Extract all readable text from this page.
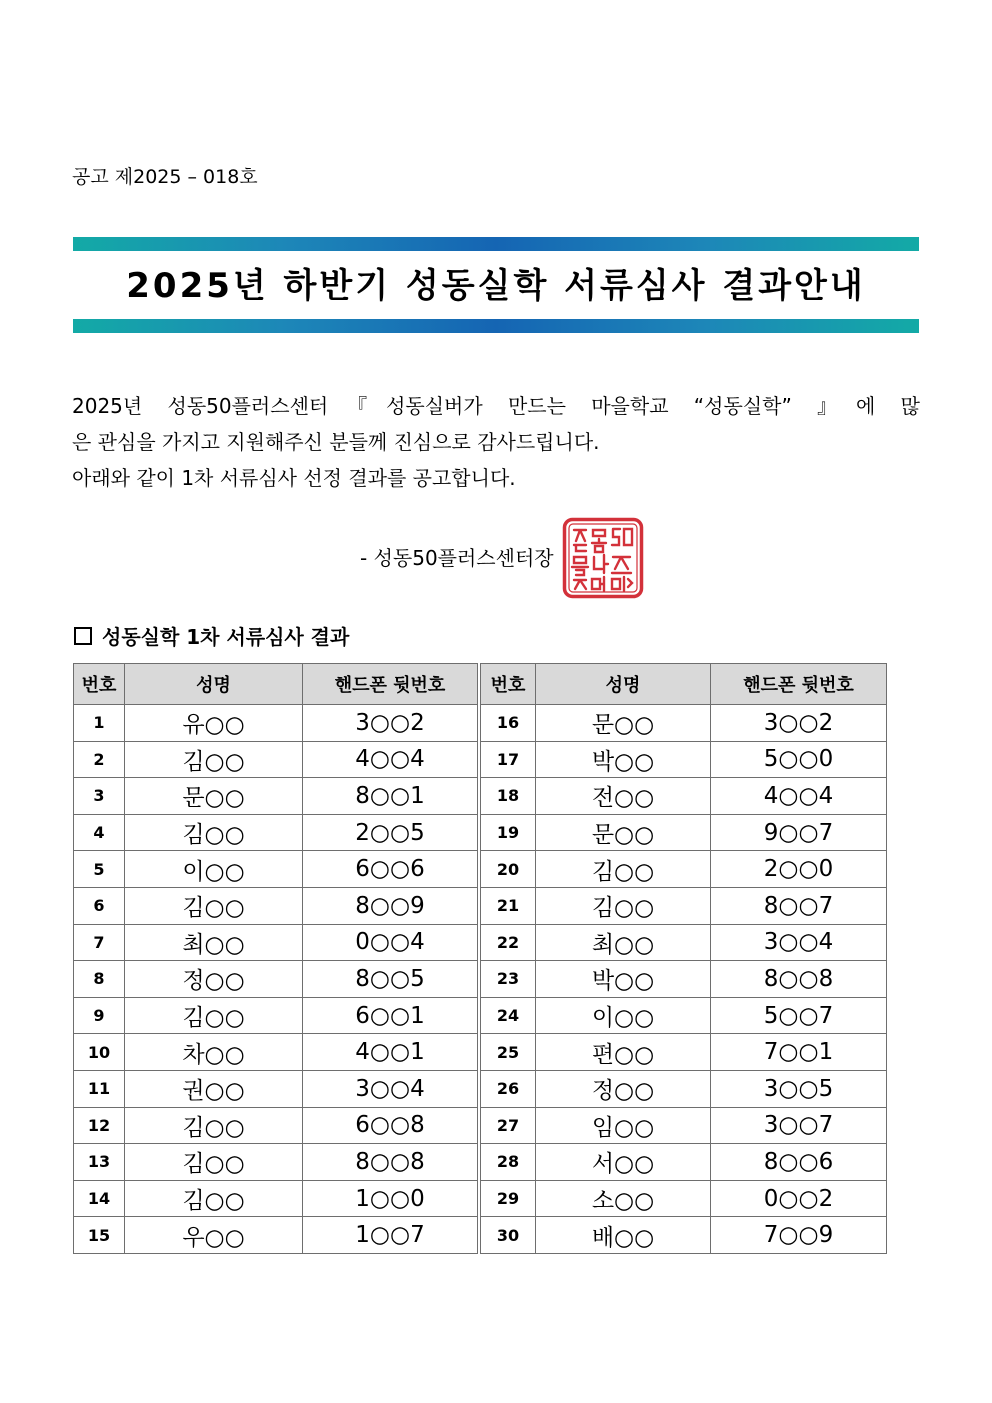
공고 제2025 – 018호
2025년 하반기 성동실학 서류심사 결과안내
2025년 성동50플러스센터『성동실버가 만드는 마을학교 “성동실학” 』에 많
은 관심을 가지고 지원해주신 분들께 진심으로 감사드립니다.
아래와 같이 1차 서류심사 선정 결과를 공고합니다.
- 성동50플러스센터장
성동실학 1차 서류심사 결과
번호	성명	핸드폰 뒷번호
1	유○○	3○○2
2	김○○	4○○4
3	문○○	8○○1
4	김○○	2○○5
5	이○○	6○○6
6	김○○	8○○9
7	최○○	0○○4
8	정○○	8○○5
9	김○○	6○○1
10	차○○	4○○1
11	권○○	3○○4
12	김○○	6○○8
13	김○○	8○○8
14	김○○	1○○0
15	우○○	1○○7
번호	성명	핸드폰 뒷번호
16	문○○	3○○2
17	박○○	5○○0
18	전○○	4○○4
19	문○○	9○○7
20	김○○	2○○0
21	김○○	8○○7
22	최○○	3○○4
23	박○○	8○○8
24	이○○	5○○7
25	편○○	7○○1
26	정○○	3○○5
27	임○○	3○○7
28	서○○	8○○6
29	소○○	0○○2
30	배○○	7○○9
